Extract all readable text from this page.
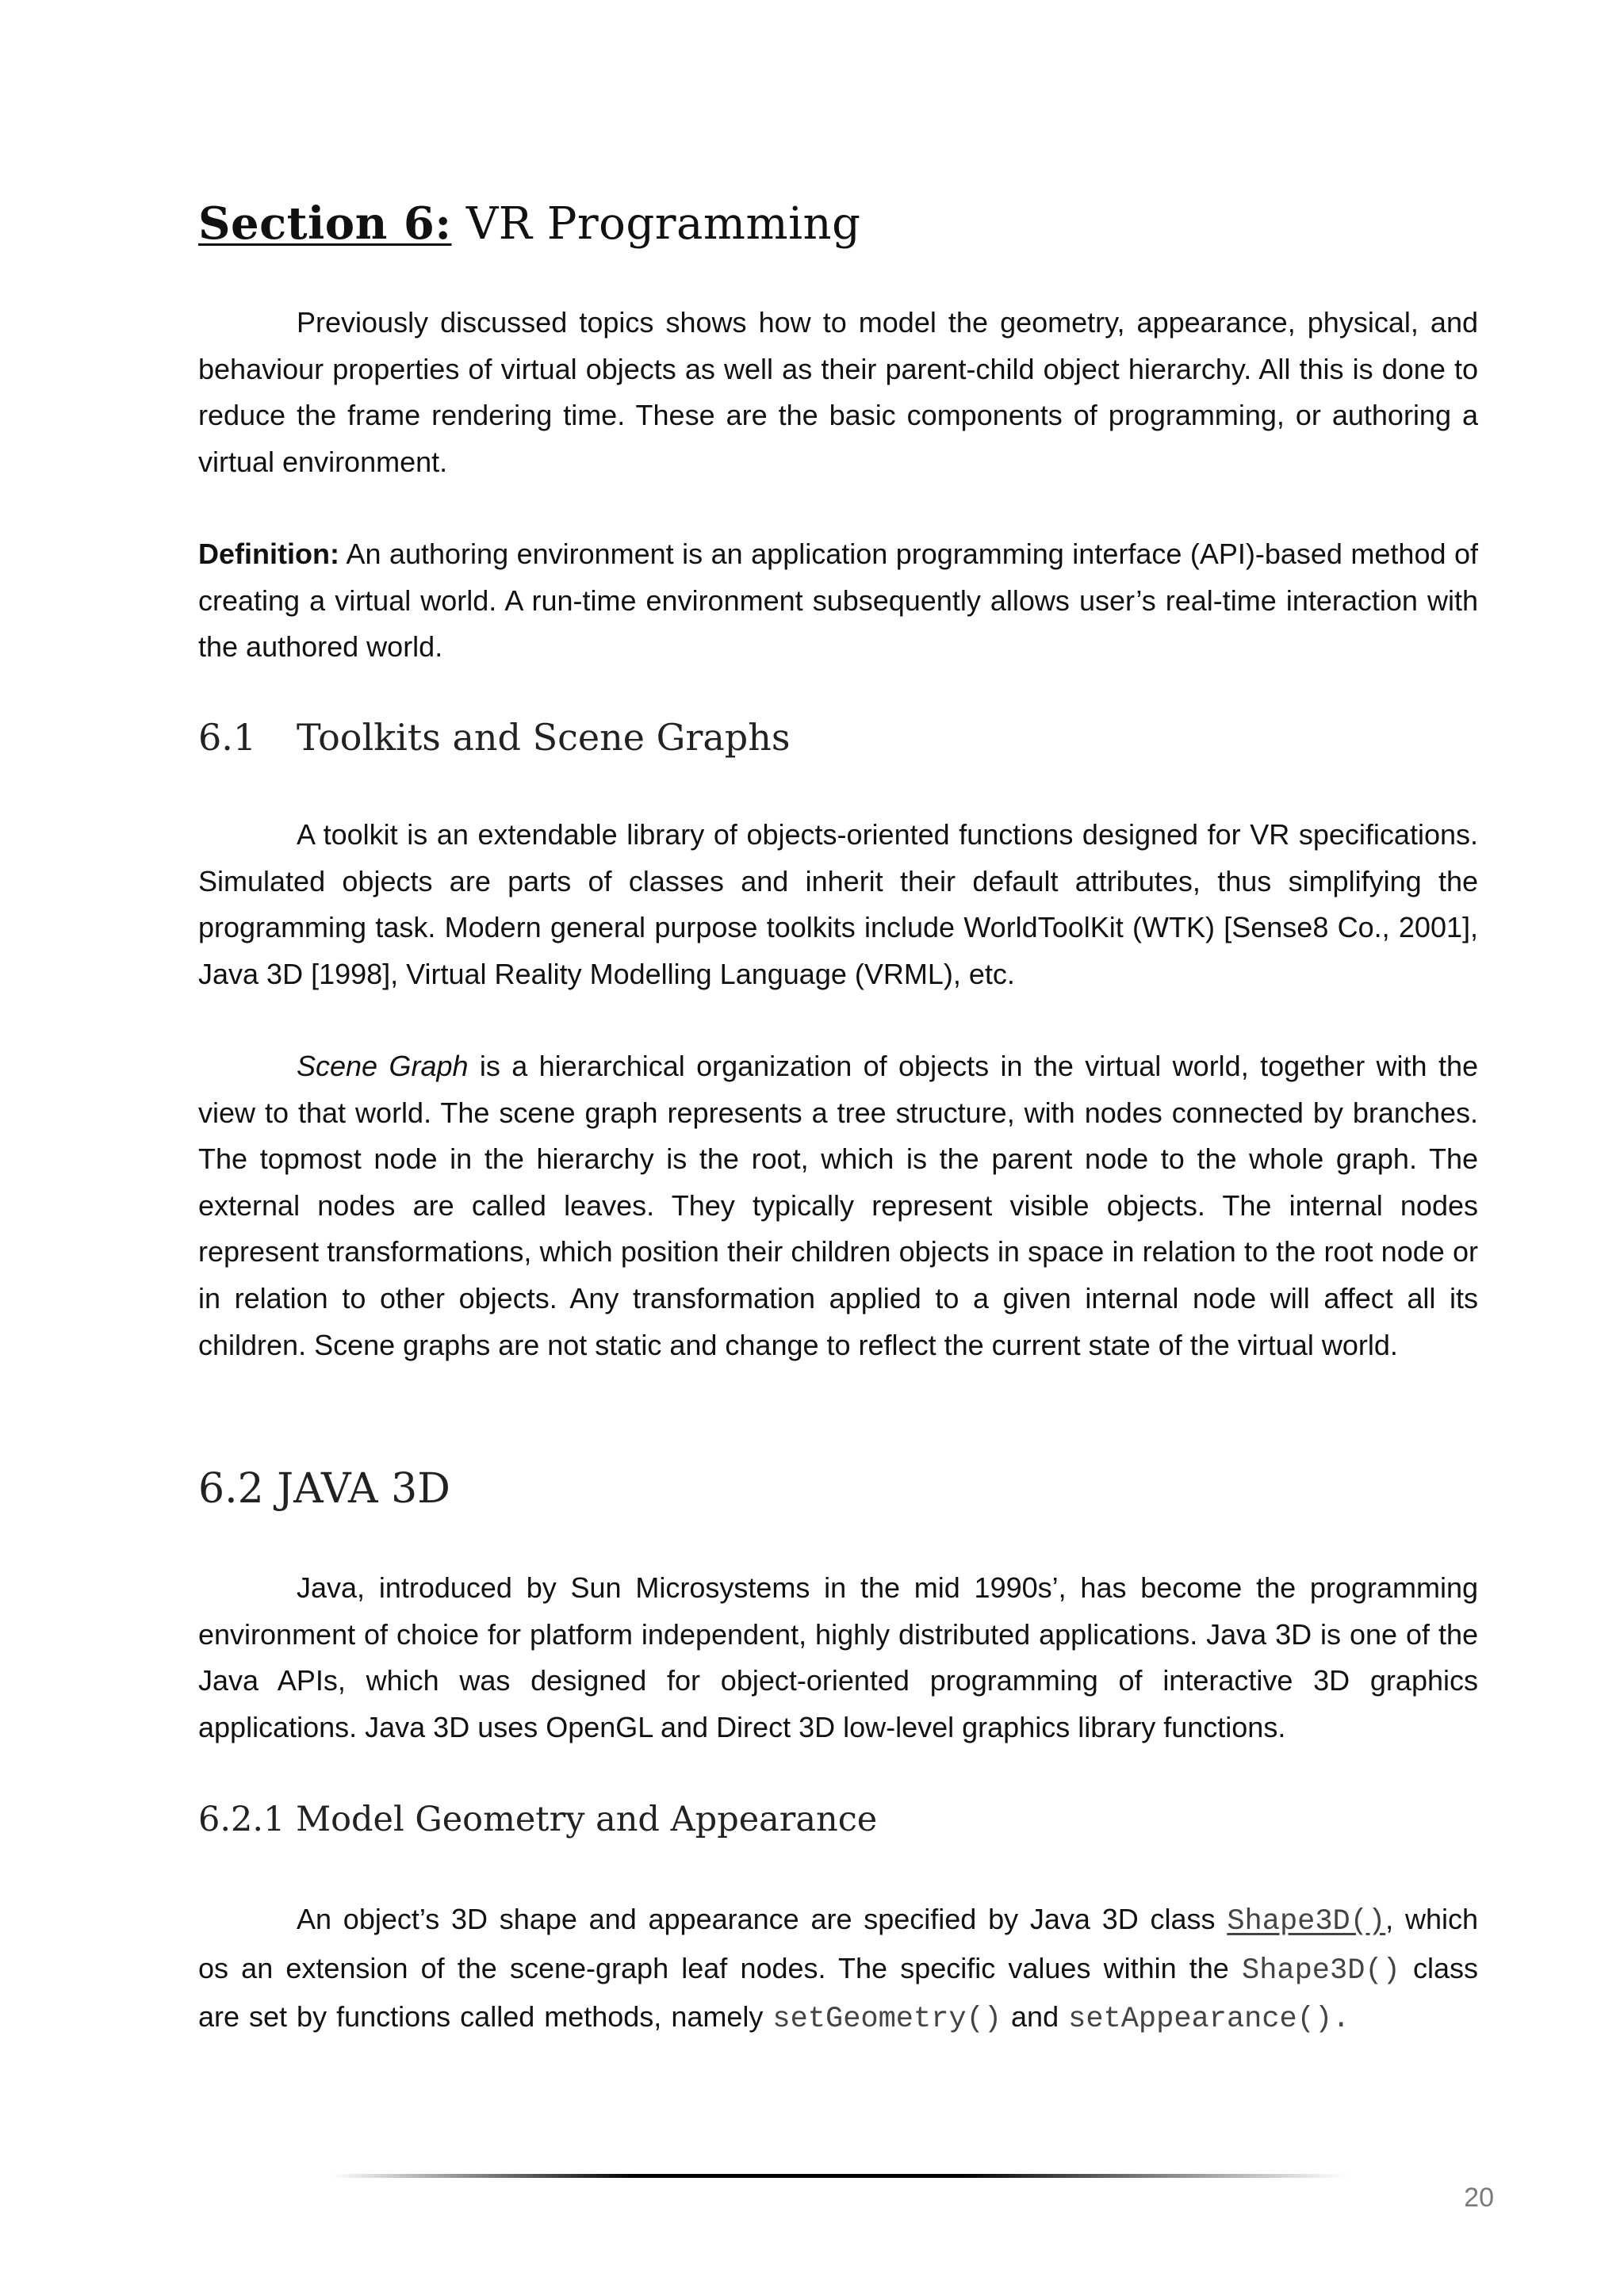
Section 6: VR Programming

Previously discussed topics shows how to model the geometry, appearance, physical, and behaviour properties of virtual objects as well as their parent-child object hierarchy. All this is done to reduce the frame rendering time. These are the basic components of programming, or authoring a virtual environment.

Definition: An authoring environment is an application programming interface (API)-based method of creating a virtual world. A run-time environment subsequently allows user’s real-time interaction with the authored world.

6.1 Toolkits and Scene Graphs

A toolkit is an extendable library of objects-oriented functions designed for VR specifications. Simulated objects are parts of classes and inherit their default attributes, thus simplifying the programming task. Modern general purpose toolkits include WorldToolKit (WTK) [Sense8 Co., 2001], Java 3D [1998], Virtual Reality Modelling Language (VRML), etc.

Scene Graph is a hierarchical organization of objects in the virtual world, together with the view to that world. The scene graph represents a tree structure, with nodes connected by branches. The topmost node in the hierarchy is the root, which is the parent node to the whole graph. The external nodes are called leaves. They typically represent visible objects. The internal nodes represent transformations, which position their children objects in space in relation to the root node or in relation to other objects. Any transformation applied to a given internal node will affect all its children. Scene graphs are not static and change to reflect the current state of the virtual world.

6.2 JAVA 3D

Java, introduced by Sun Microsystems in the mid 1990s’, has become the programming environment of choice for platform independent, highly distributed applications. Java 3D is one of the Java APIs, which was designed for object-oriented programming of interactive 3D graphics applications. Java 3D uses OpenGL and Direct 3D low-level graphics library functions.

6.2.1 Model Geometry and Appearance

An object’s 3D shape and appearance are specified by Java 3D class Shape3D(), which os an extension of the scene-graph leaf nodes. The specific values within the Shape3D() class are set by functions called methods, namely setGeometry() and setAppearance().

20
